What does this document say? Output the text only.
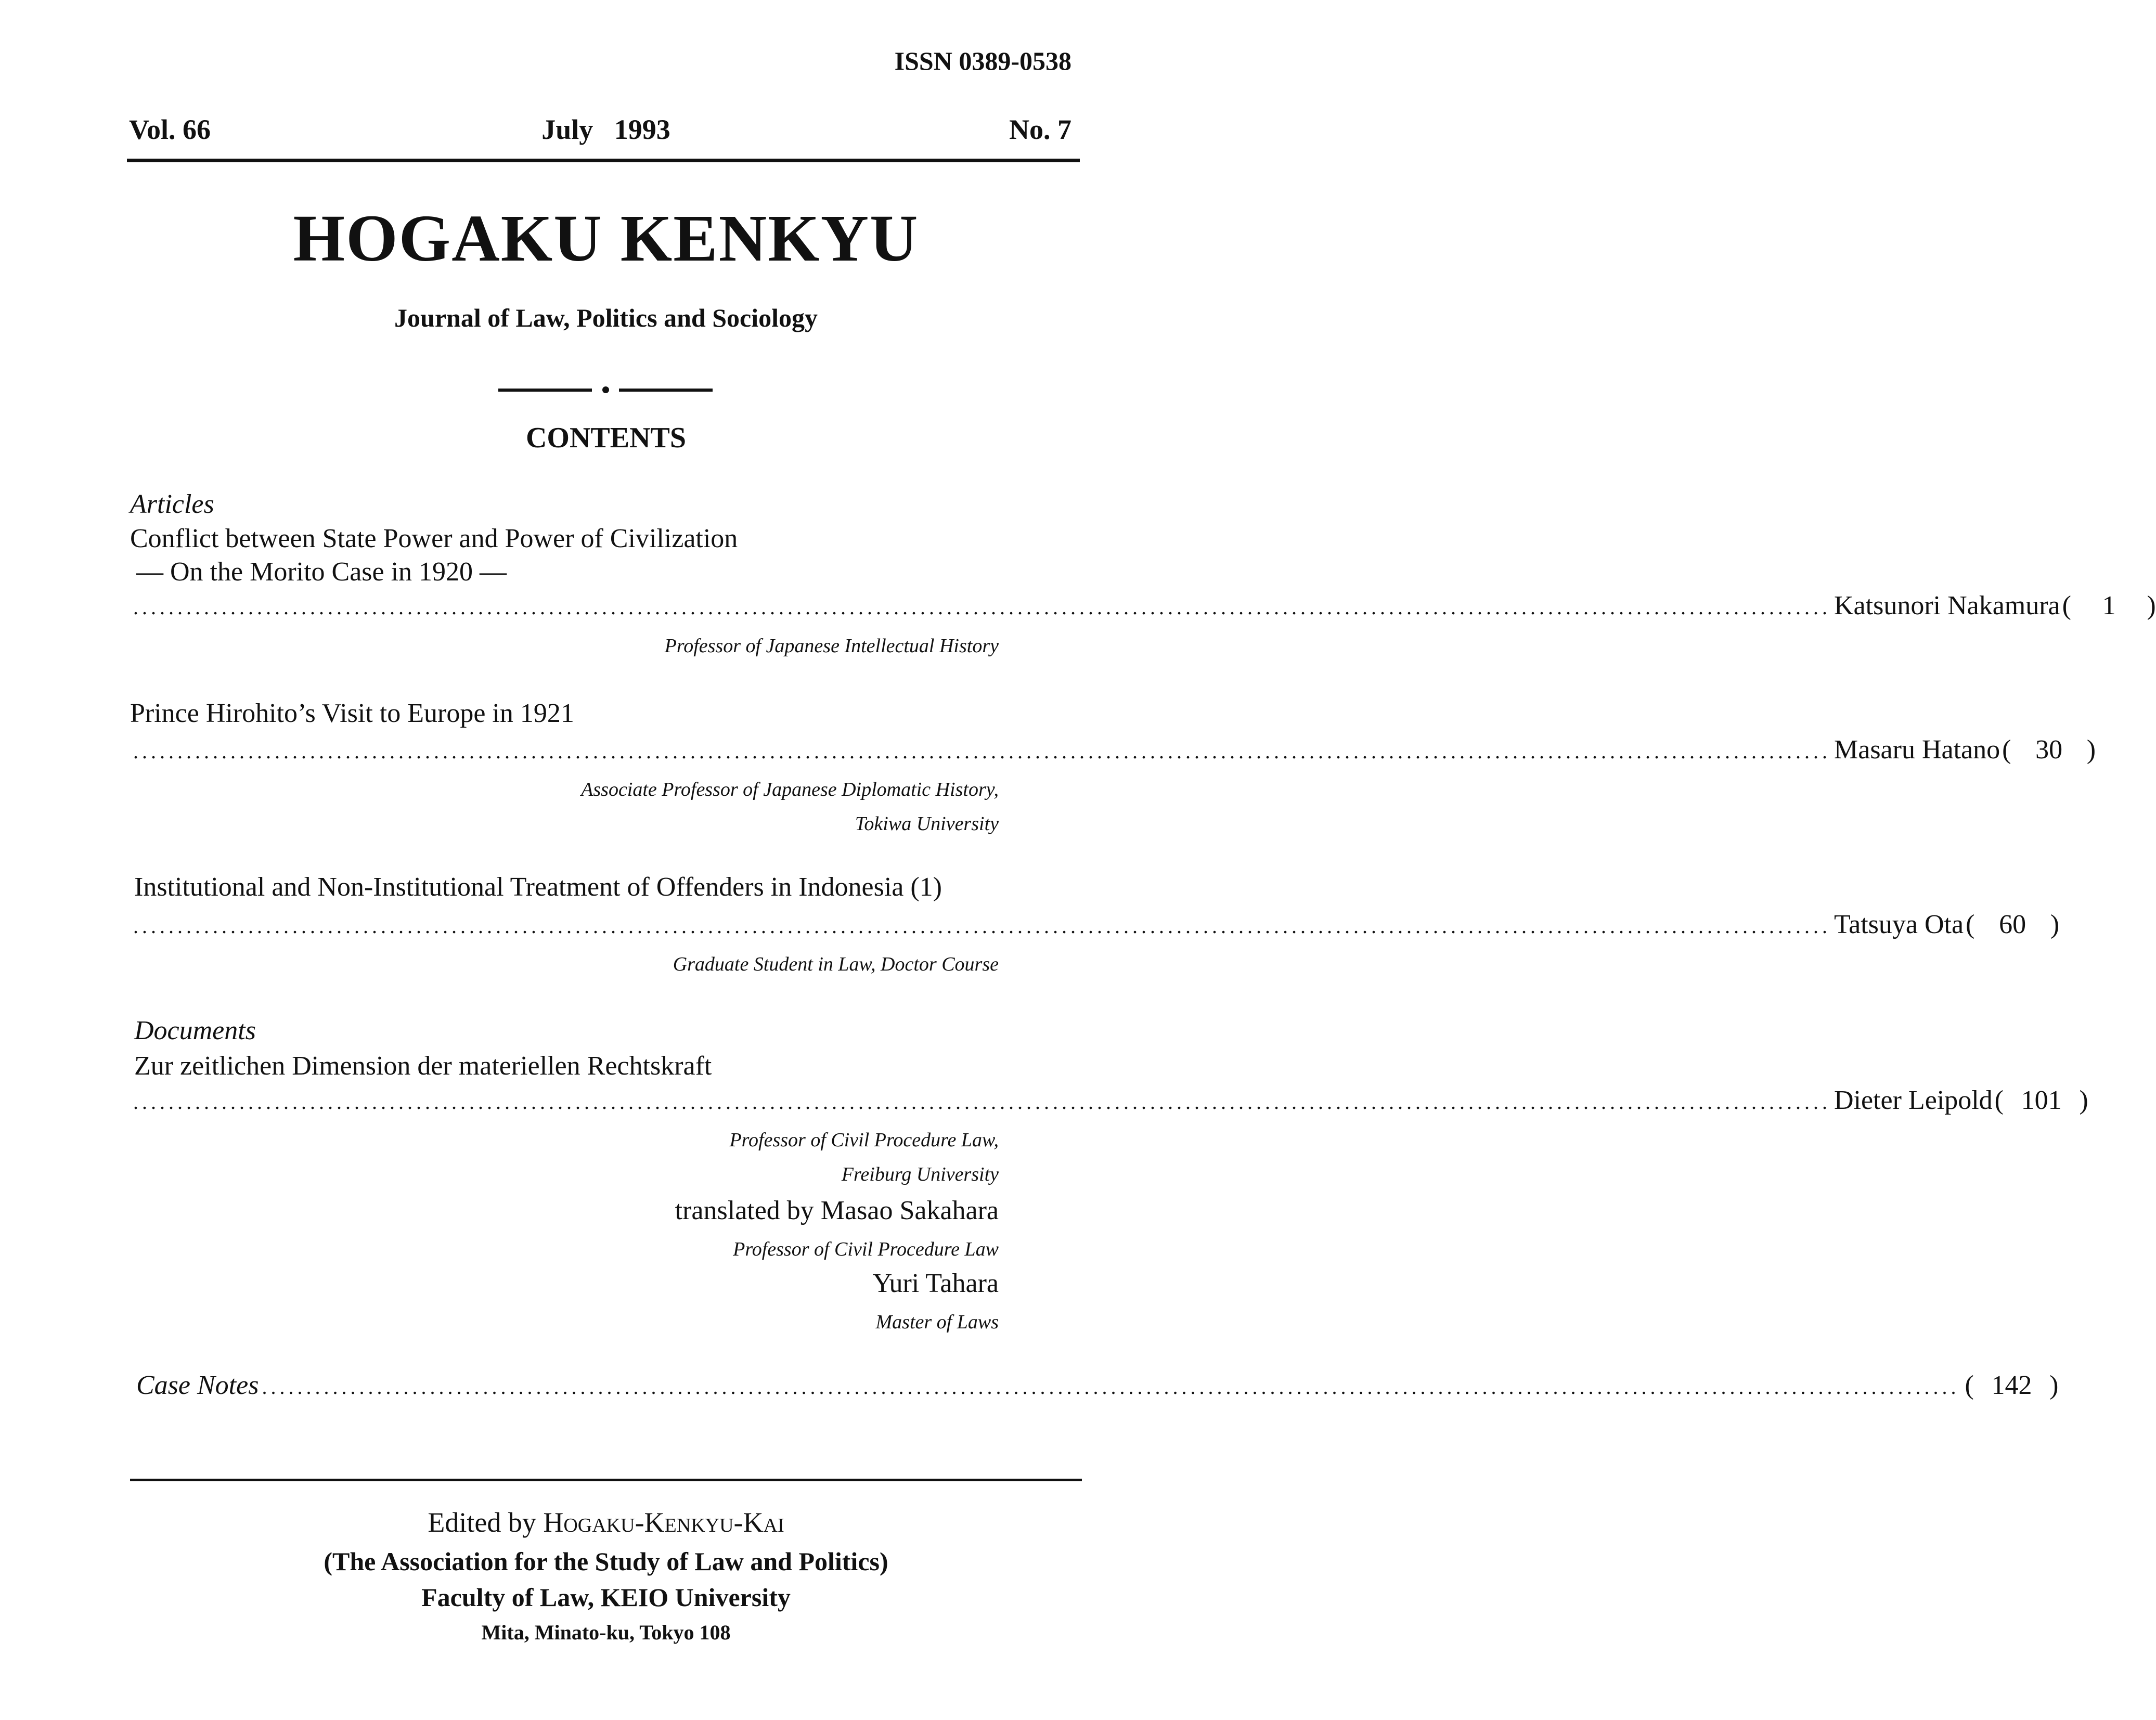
ISSN 0389-0538
Vol. 66	July   1993	No. 7
HOGAKU KENKYU
Journal of Law, Politics and Sociology
CONTENTS
Articles
Conflict between State Power and Power of Civilization
— On the Morito Case in 1920 —
................................................................................................................................................................................................ Katsunori Nakamura (	1	)
Professor of Japanese Intellectual History
Prince Hirohito’s Visit to Europe in 1921
................................................................................................................................................................................................ Masaru Hatano ( 30 )
Associate Professor of Japanese Diplomatic History,
Tokiwa University
Institutional and Non-Institutional Treatment of Offenders in Indonesia (1)
................................................................................................................................................................................................ Tatsuya Ota ( 60 )
Graduate Student in Law, Doctor Course
Documents
Zur zeitlichen Dimension der materiellen Rechtskraft
................................................................................................................................................................................................ Dieter Leipold ( 101 )
Professor of Civil Procedure Law,
Freiburg University
translated by Masao Sakahara
Professor of Civil Procedure Law
Yuri Tahara
Master of Laws
Case Notes ................................................................................................................................................................................................ ( 142 )
Edited by Hogaku-Kenkyu-Kai
(The Association for the Study of Law and Politics)
Faculty of Law, KEIO University
Mita, Minato-ku, Tokyo 108
